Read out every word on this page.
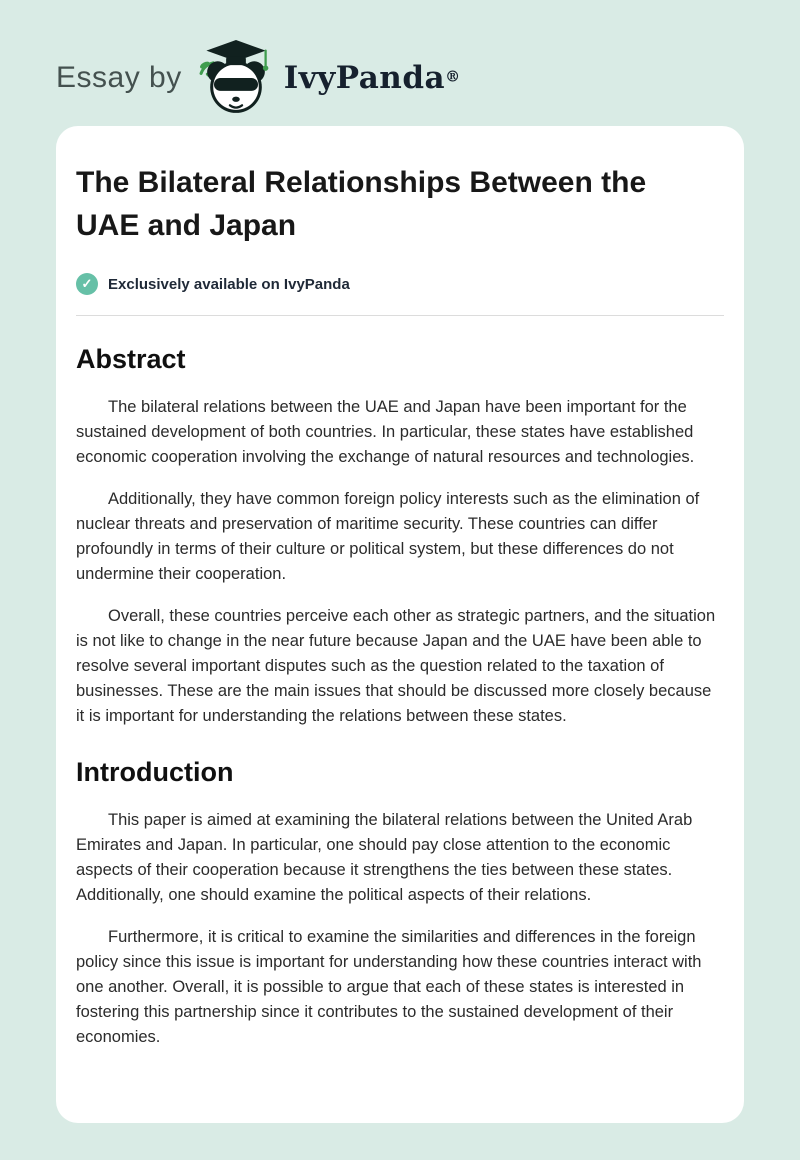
Essay by	IvyPanda®
The Bilateral Relationships Between the UAE and Japan
✓	Exclusively available on IvyPanda
Abstract

The bilateral relations between the UAE and Japan have been important for the sustained development of both countries. In particular, these states have established economic cooperation involving the exchange of natural resources and technologies.

Additionally, they have common foreign policy interests such as the elimination of nuclear threats and preservation of maritime security. These countries can differ profoundly in terms of their culture or political system, but these differences do not undermine their cooperation.

Overall, these countries perceive each other as strategic partners, and the situation is not like to change in the near future because Japan and the UAE have been able to resolve several important disputes such as the question related to the taxation of businesses. These are the main issues that should be discussed more closely because it is important for understanding the relations between these states.

Introduction

This paper is aimed at examining the bilateral relations between the United Arab Emirates and Japan. In particular, one should pay close attention to the economic aspects of their cooperation because it strengthens the ties between these states. Additionally, one should examine the political aspects of their relations.

Furthermore, it is critical to examine the similarities and differences in the foreign policy since this issue is important for understanding how these countries interact with one another. Overall, it is possible to argue that each of these states is interested in fostering this partnership since it contributes to the sustained development of their economies.
